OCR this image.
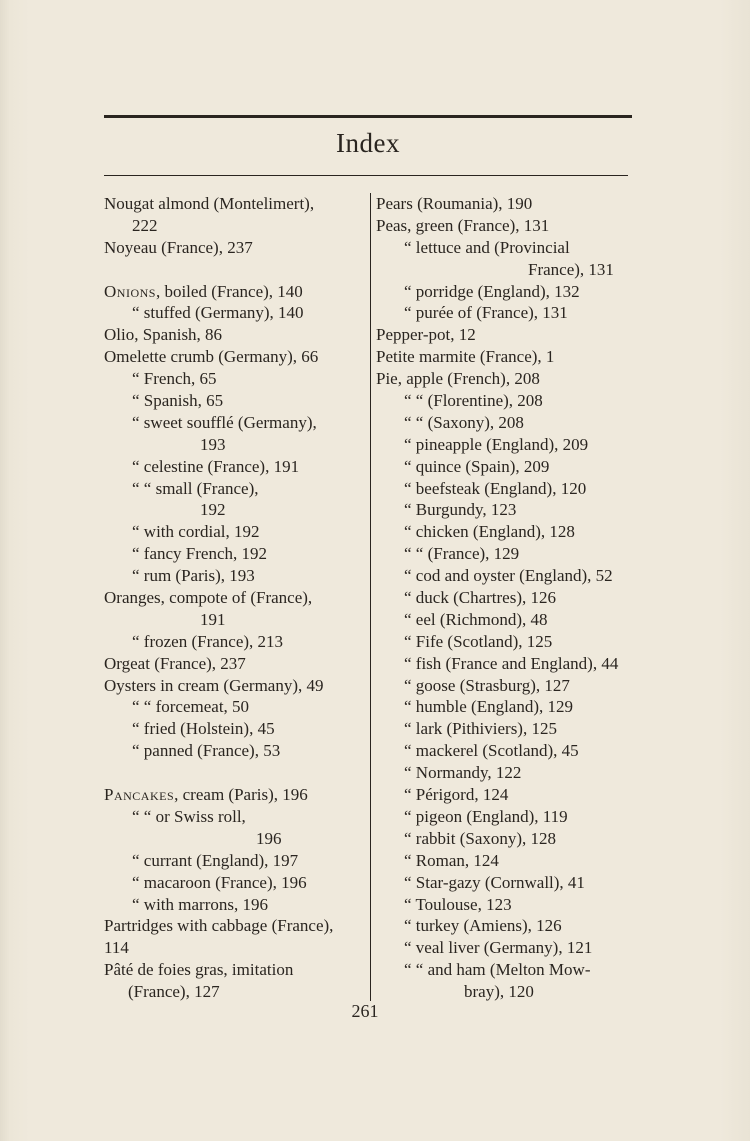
Index
Nougat almond (Montelimert),
222
Noyeau (France), 237
Onions, boiled (France), 140
“ stuffed (Germany), 140
Olio, Spanish, 86
Omelette crumb (Germany), 66
“ French, 65
“ Spanish, 65
“ sweet soufflé (Germany),
193
“ celestine (France), 191
“ “ small (France),
192
“ with cordial, 192
“ fancy French, 192
“ rum (Paris), 193
Oranges, compote of (France),
191
“ frozen (France), 213
Orgeat (France), 237
Oysters in cream (Germany), 49
“ “ forcemeat, 50
“ fried (Holstein), 45
“ panned (France), 53
Pancakes, cream (Paris), 196
“ “ or Swiss roll,
196
“ currant (England), 197
“ macaroon (France), 196
“ with marrons, 196
Partridges with cabbage (France),
114
Pâté de foies gras, imitation
(France), 127
Pears (Roumania), 190
Peas, green (France), 131
“ lettuce and (Provincial
France), 131
“ porridge (England), 132
“ purée of (France), 131
Pepper-pot, 12
Petite marmite (France), 1
Pie, apple (French), 208
“ “ (Florentine), 208
“ “ (Saxony), 208
“ pineapple (England), 209
“ quince (Spain), 209
“ beefsteak (England), 120
“ Burgundy, 123
“ chicken (England), 128
“ “ (France), 129
“ cod and oyster (England), 52
“ duck (Chartres), 126
“ eel (Richmond), 48
“ Fife (Scotland), 125
“ fish (France and England), 44
“ goose (Strasburg), 127
“ humble (England), 129
“ lark (Pithiviers), 125
“ mackerel (Scotland), 45
“ Normandy, 122
“ Périgord, 124
“ pigeon (England), 119
“ rabbit (Saxony), 128
“ Roman, 124
“ Star-gazy (Cornwall), 41
“ Toulouse, 123
“ turkey (Amiens), 126
“ veal liver (Germany), 121
“ “ and ham (Melton Mow-
bray), 120
261
